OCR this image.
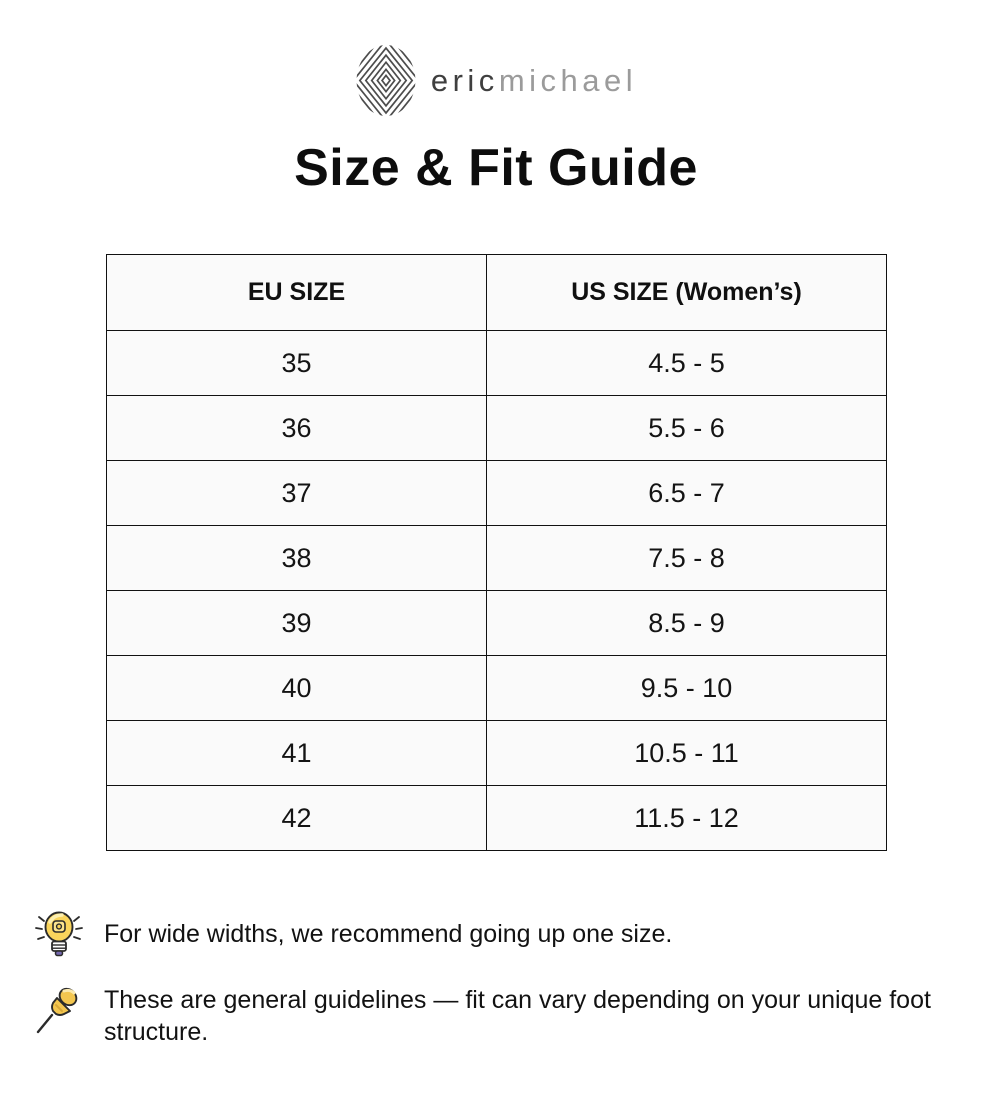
ericmichael
Size & Fit Guide
EU SIZE	US SIZE (Women’s)
35	4.5 - 5
36	5.5 - 6
37	6.5 - 7
38	7.5 - 8
39	8.5 - 9
40	9.5 - 10
41	10.5 - 11
42	11.5 - 12

For wide widths, we recommend going up one size.

These are general guidelines — fit can vary depending on your unique foot structure.
